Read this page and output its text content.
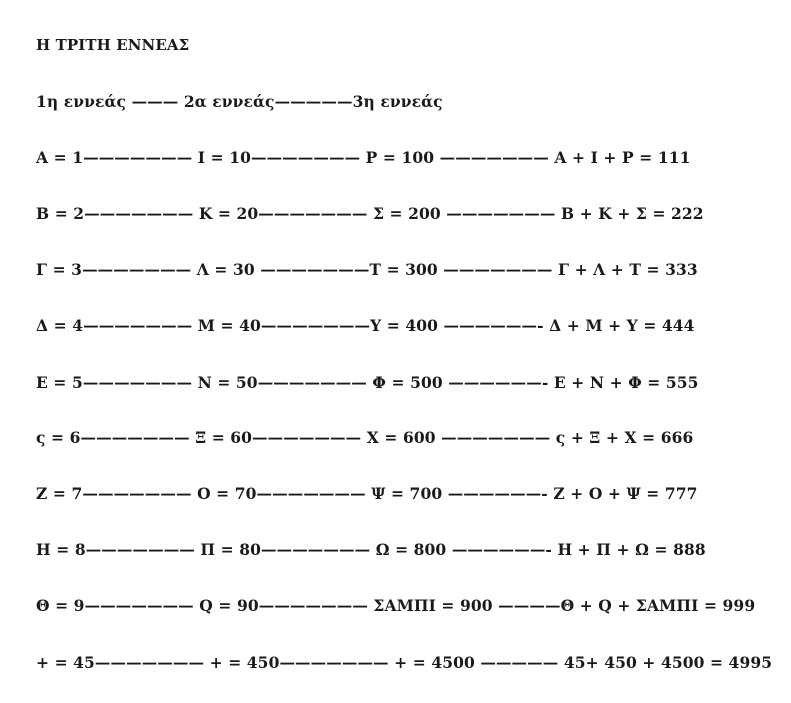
Η ΤΡΙΤΗ ΕΝΝΕΑΣ
1η εννεάς ——— 2α εννεάς—————3η εννεάς
Α = 1——————— Ι = 10——————— Ρ = 100 ——————— Α + Ι + Ρ = 111
Β = 2——————— Κ = 20——————— Σ = 200 ——————— Β + Κ + Σ = 222
Γ = 3——————— Λ = 30 ———————Τ = 300 ——————— Γ + Λ + Τ = 333
Δ = 4——————— Μ = 40———————Υ = 400 ——————- Δ + Μ + Υ = 444
Ε = 5——————— Ν = 50——————— Φ = 500 ——————- Ε + Ν + Φ = 555
ς = 6——————— Ξ = 60——————— Χ = 600 ——————— ς + Ξ + Χ = 666
Ζ = 7——————— Ο = 70——————— Ψ = 700 ——————- Ζ + Ο + Ψ = 777
Η = 8——————— Π = 80——————— Ω = 800 ——————- Η + Π + Ω = 888
Θ = 9——————— Q = 90——————— ΣΑΜΠΙ = 900 ————Θ + Q + ΣΑΜΠΙ = 999
+ = 45——————— + = 450——————— + = 4500 ————— 45+ 450 + 4500 = 4995
